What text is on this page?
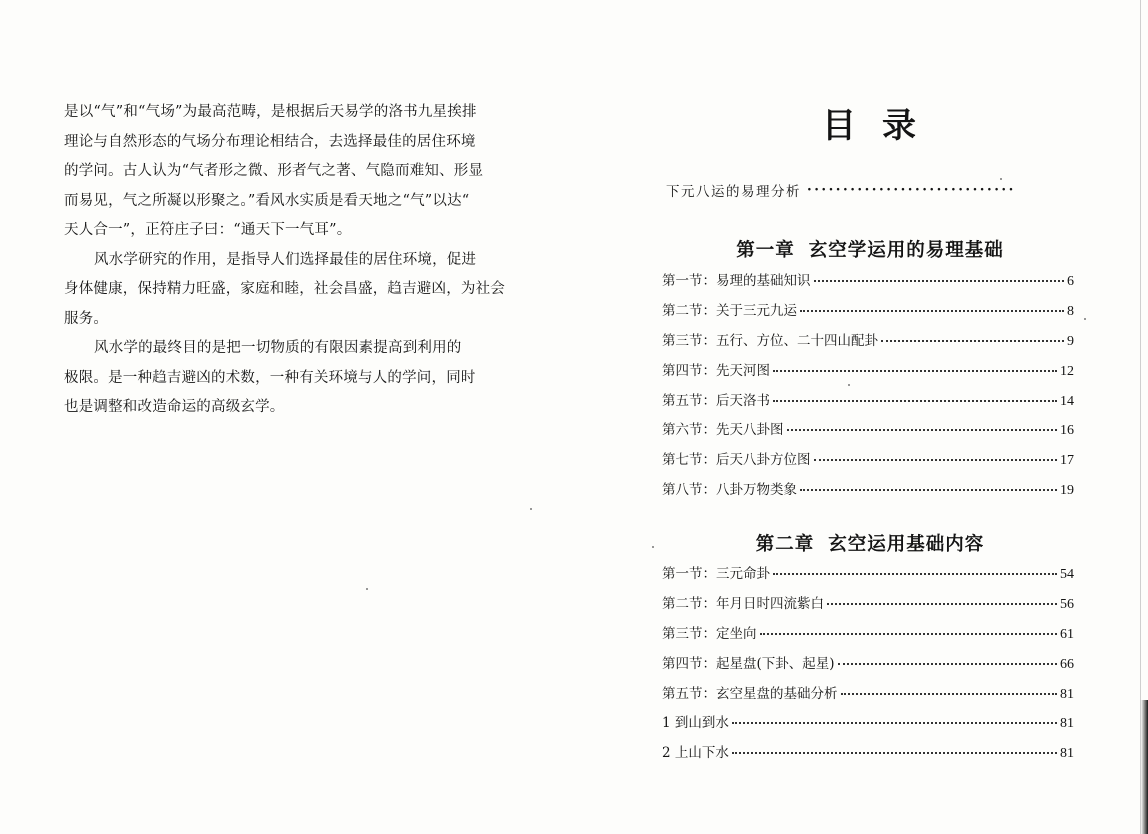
是以“气”和“气场”为最高范畴，是根据后天易学的洛书九星挨排
理论与自然形态的气场分布理论相结合，去选择最佳的居住环境
的学问。古人认为“气者形之微、形者气之著、气隐而难知、形显
而易见，气之所凝以形聚之。”看风水实质是看天地之“气”以达“
天人合一”，正符庄子曰：“通天下一气耳”。

风水学研究的作用，是指导人们选择最佳的居住环境，促进
身体健康，保持精力旺盛，家庭和睦，社会昌盛，趋吉避凶，为社会
服务。

风水学的最终目的是把一切物质的有限因素提高到利用的
极限。是一种趋吉避凶的术数，一种有关环境与人的学问，同时
也是调整和改造命运的高级玄学。

目录
下元八运的易理分析 ·····························
第一章 玄空学运用的易理基础
第一节：易理的基础知识	6
第二节：关于三元九运	8
第三节：五行、方位、二十四山配卦	9
第四节：先天河图	12
第五节：后天洛书	14
第六节：先天八卦图	16
第七节：后天八卦方位图	17
第八节：八卦万物类象	19
第二章 玄空运用基础内容
第一节：三元命卦	54
第二节：年月日时四流紫白	56
第三节：定坐向	61
第四节：起星盘(下卦、起星)	66
第五节：玄空星盘的基础分析	81
1 到山到水	81
2 上山下水	81
